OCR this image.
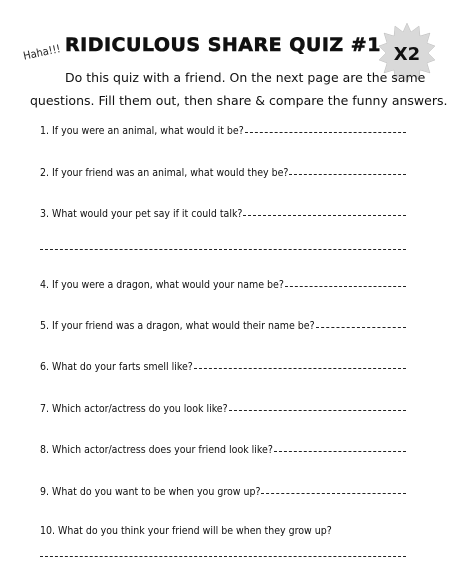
RIDICULOUS SHARE QUIZ #1
Haha!!!	X2
Do this quiz with a friend. On the next page are the same
questions. Fill them out, then share & compare the funny answers.
1. If you were an animal, what would it be?
2. If your friend was an animal, what would they be?
3. What would your pet say if it could talk?
4. If you were a dragon, what would your name be?
5. If your friend was a dragon, what would their name be?
6. What do your farts smell like?
7. Which actor/actress do you look like?
8. Which actor/actress does your friend look like?
9. What do you want to be when you grow up?
10. What do you think your friend will be when they grow up?
